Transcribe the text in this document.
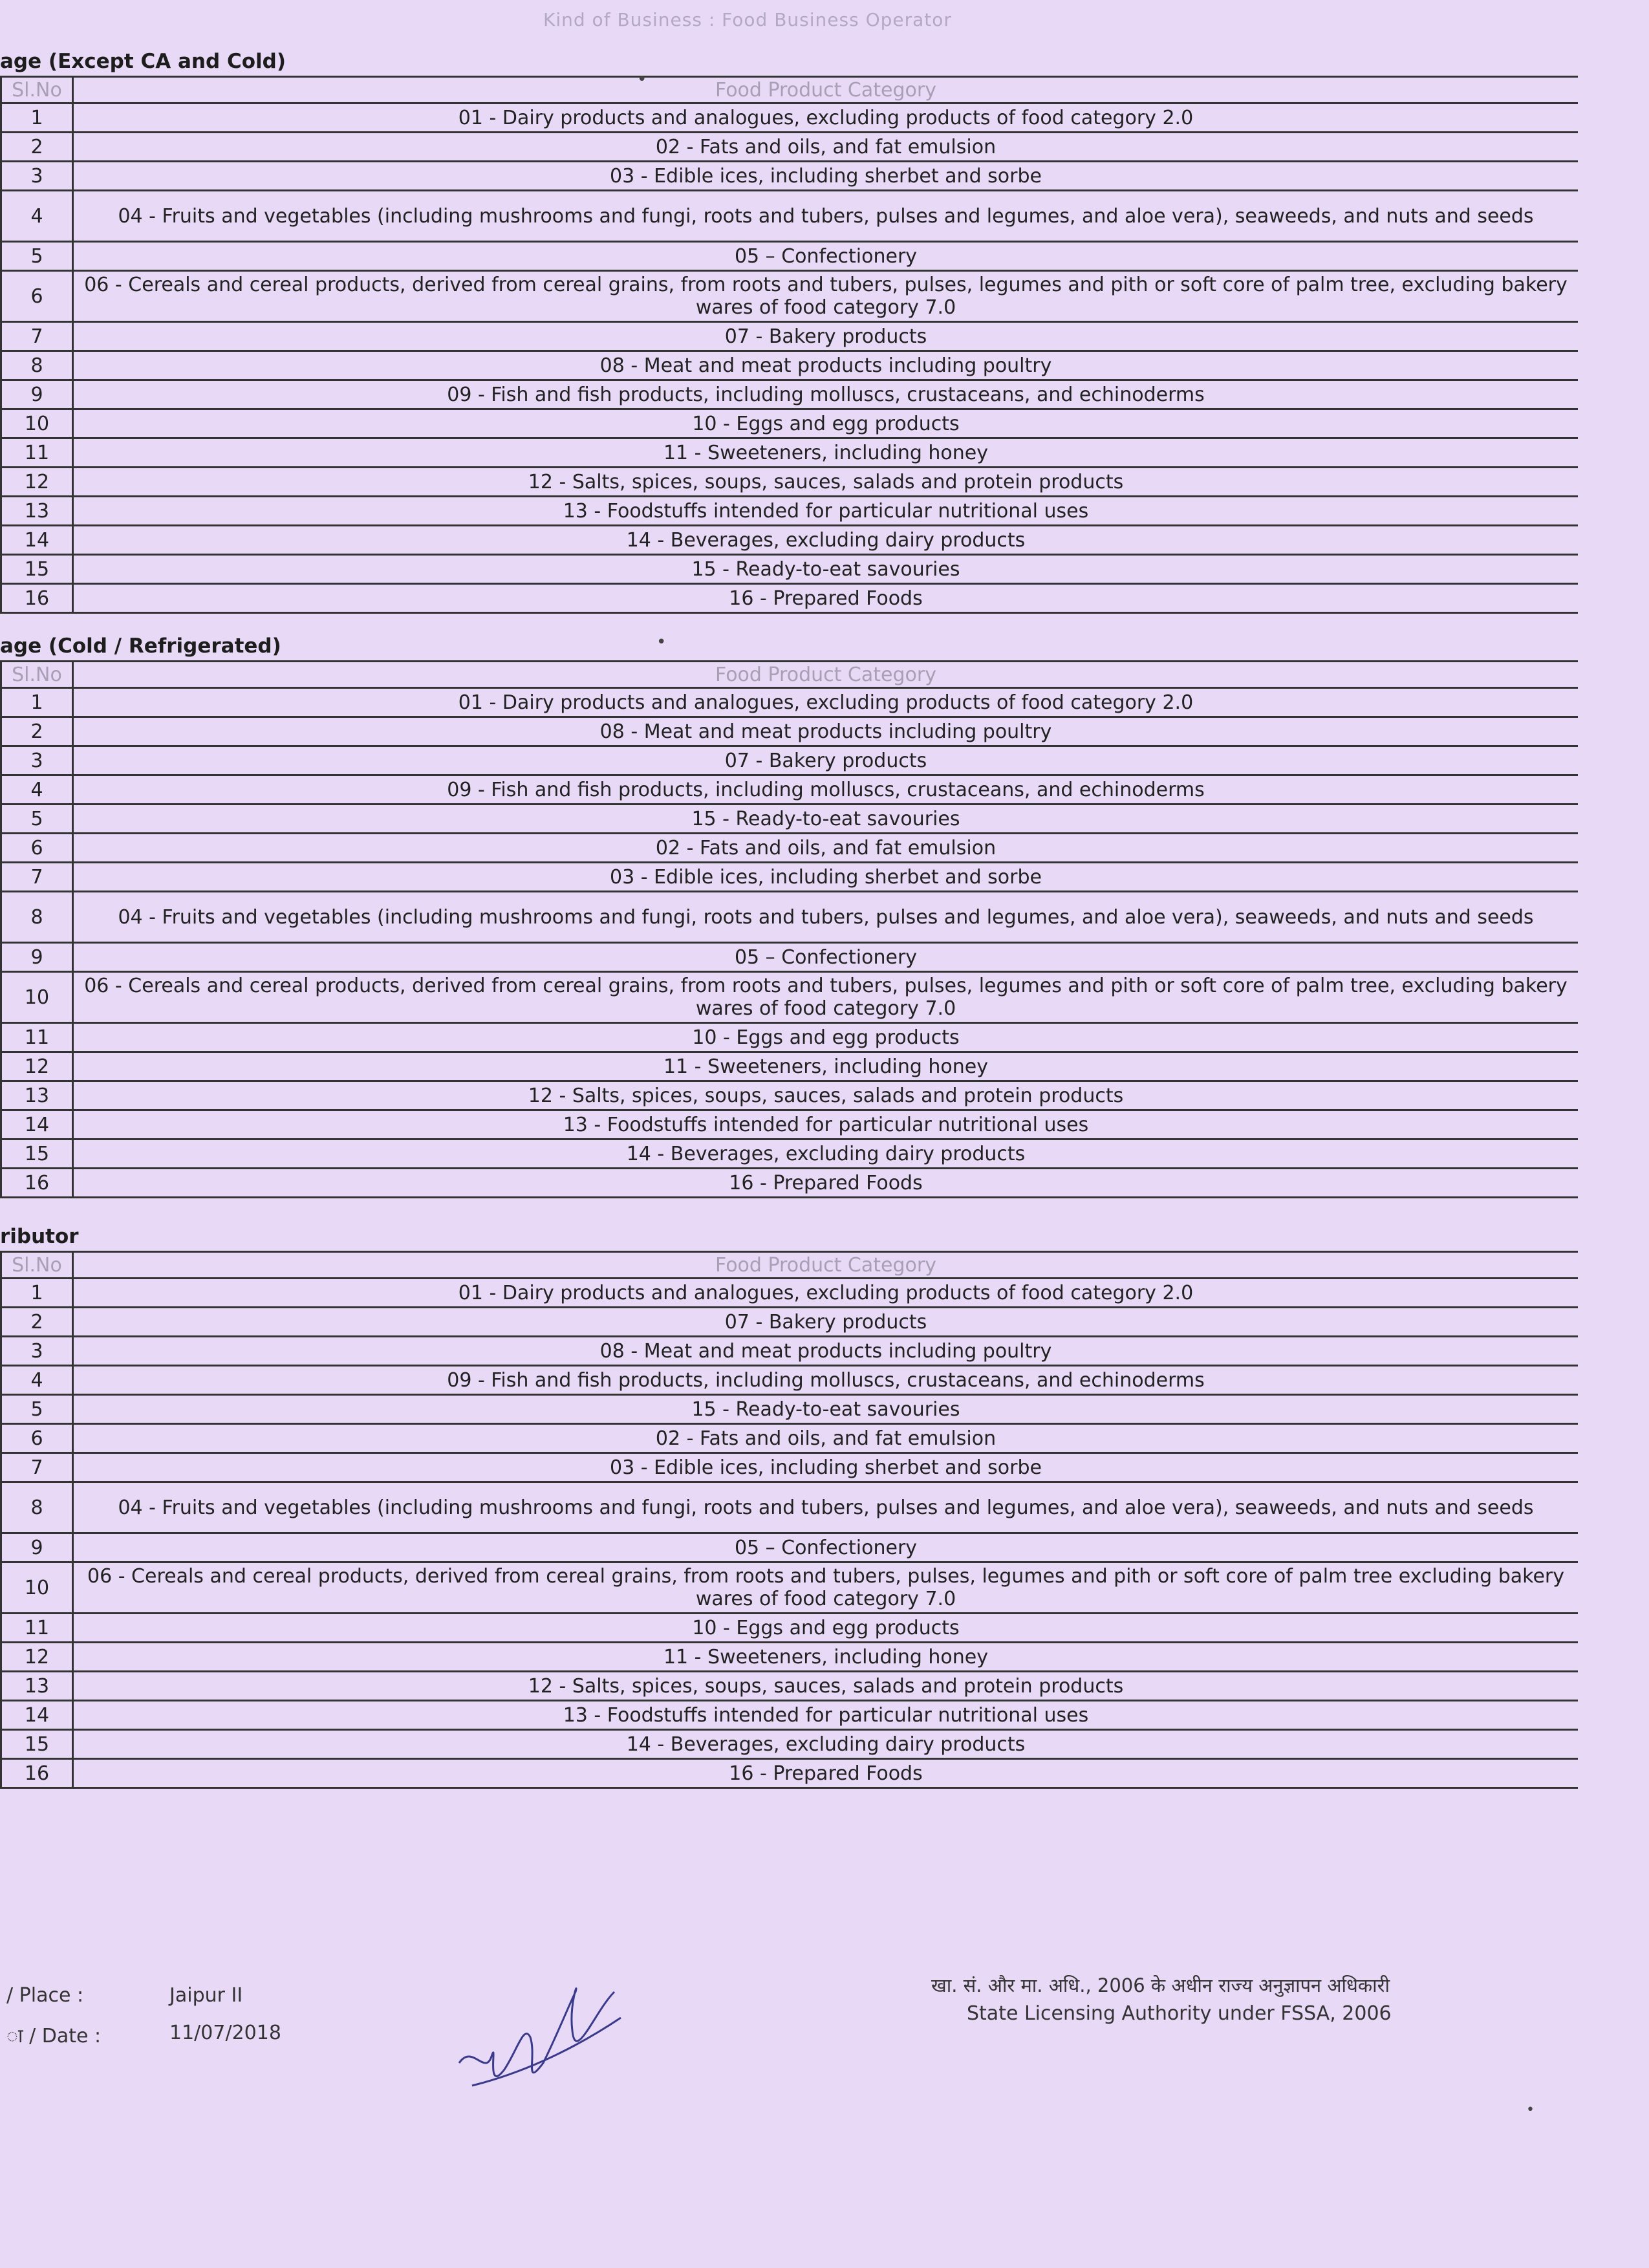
Kind of Business : Food Business Operator
age (Except CA and Cold)
Sl.No	Food Product Category
1	01 - Dairy products and analogues, excluding products of food category 2.0
2	02 - Fats and oils, and fat emulsion
3	03 - Edible ices, including sherbet and sorbe
4	04 - Fruits and vegetables (including mushrooms and fungi, roots and tubers, pulses and legumes, and aloe vera), seaweeds, and nuts and seeds
5	05 – Confectionery
6	06 - Cereals and cereal products, derived from cereal grains, from roots and tubers, pulses, legumes and pith or soft core of palm tree, excluding bakery wares of food category 7.0
7	07 - Bakery products
8	08 - Meat and meat products including poultry
9	09 - Fish and fish products, including molluscs, crustaceans, and echinoderms
10	10 - Eggs and egg products
11	11 - Sweeteners, including honey
12	12 - Salts, spices, soups, sauces, salads and protein products
13	13 - Foodstuffs intended for particular nutritional uses
14	14 - Beverages, excluding dairy products
15	15 - Ready-to-eat savouries
16	16 - Prepared Foods
age (Cold / Refrigerated)
Sl.No	Food Product Category
1	01 - Dairy products and analogues, excluding products of food category 2.0
2	08 - Meat and meat products including poultry
3	07 - Bakery products
4	09 - Fish and fish products, including molluscs, crustaceans, and echinoderms
5	15 - Ready-to-eat savouries
6	02 - Fats and oils, and fat emulsion
7	03 - Edible ices, including sherbet and sorbe
8	04 - Fruits and vegetables (including mushrooms and fungi, roots and tubers, pulses and legumes, and aloe vera), seaweeds, and nuts and seeds
9	05 – Confectionery
10	06 - Cereals and cereal products, derived from cereal grains, from roots and tubers, pulses, legumes and pith or soft core of palm tree, excluding bakery wares of food category 7.0
11	10 - Eggs and egg products
12	11 - Sweeteners, including honey
13	12 - Salts, spices, soups, sauces, salads and protein products
14	13 - Foodstuffs intended for particular nutritional uses
15	14 - Beverages, excluding dairy products
16	16 - Prepared Foods
ributor
Sl.No	Food Product Category
1	01 - Dairy products and analogues, excluding products of food category 2.0
2	07 - Bakery products
3	08 - Meat and meat products including poultry
4	09 - Fish and fish products, including molluscs, crustaceans, and echinoderms
5	15 - Ready-to-eat savouries
6	02 - Fats and oils, and fat emulsion
7	03 - Edible ices, including sherbet and sorbe
8	04 - Fruits and vegetables (including mushrooms and fungi, roots and tubers, pulses and legumes, and aloe vera), seaweeds, and nuts and seeds
9	05 – Confectionery
10	06 - Cereals and cereal products, derived from cereal grains, from roots and tubers, pulses, legumes and pith or soft core of palm tree excluding bakery wares of food category 7.0
11	10 - Eggs and egg products
12	11 - Sweeteners, including honey
13	12 - Salts, spices, soups, sauces, salads and protein products
14	13 - Foodstuffs intended for particular nutritional uses
15	14 - Beverages, excluding dairy products
16	16 - Prepared Foods
/ Place :	Jaipur II
ा / Date :	11/07/2018
खा. सं. और मा. अधि., 2006 के अधीन राज्य अनुज्ञापन अधिकारी
State Licensing Authority under FSSA, 2006
•
•
•
